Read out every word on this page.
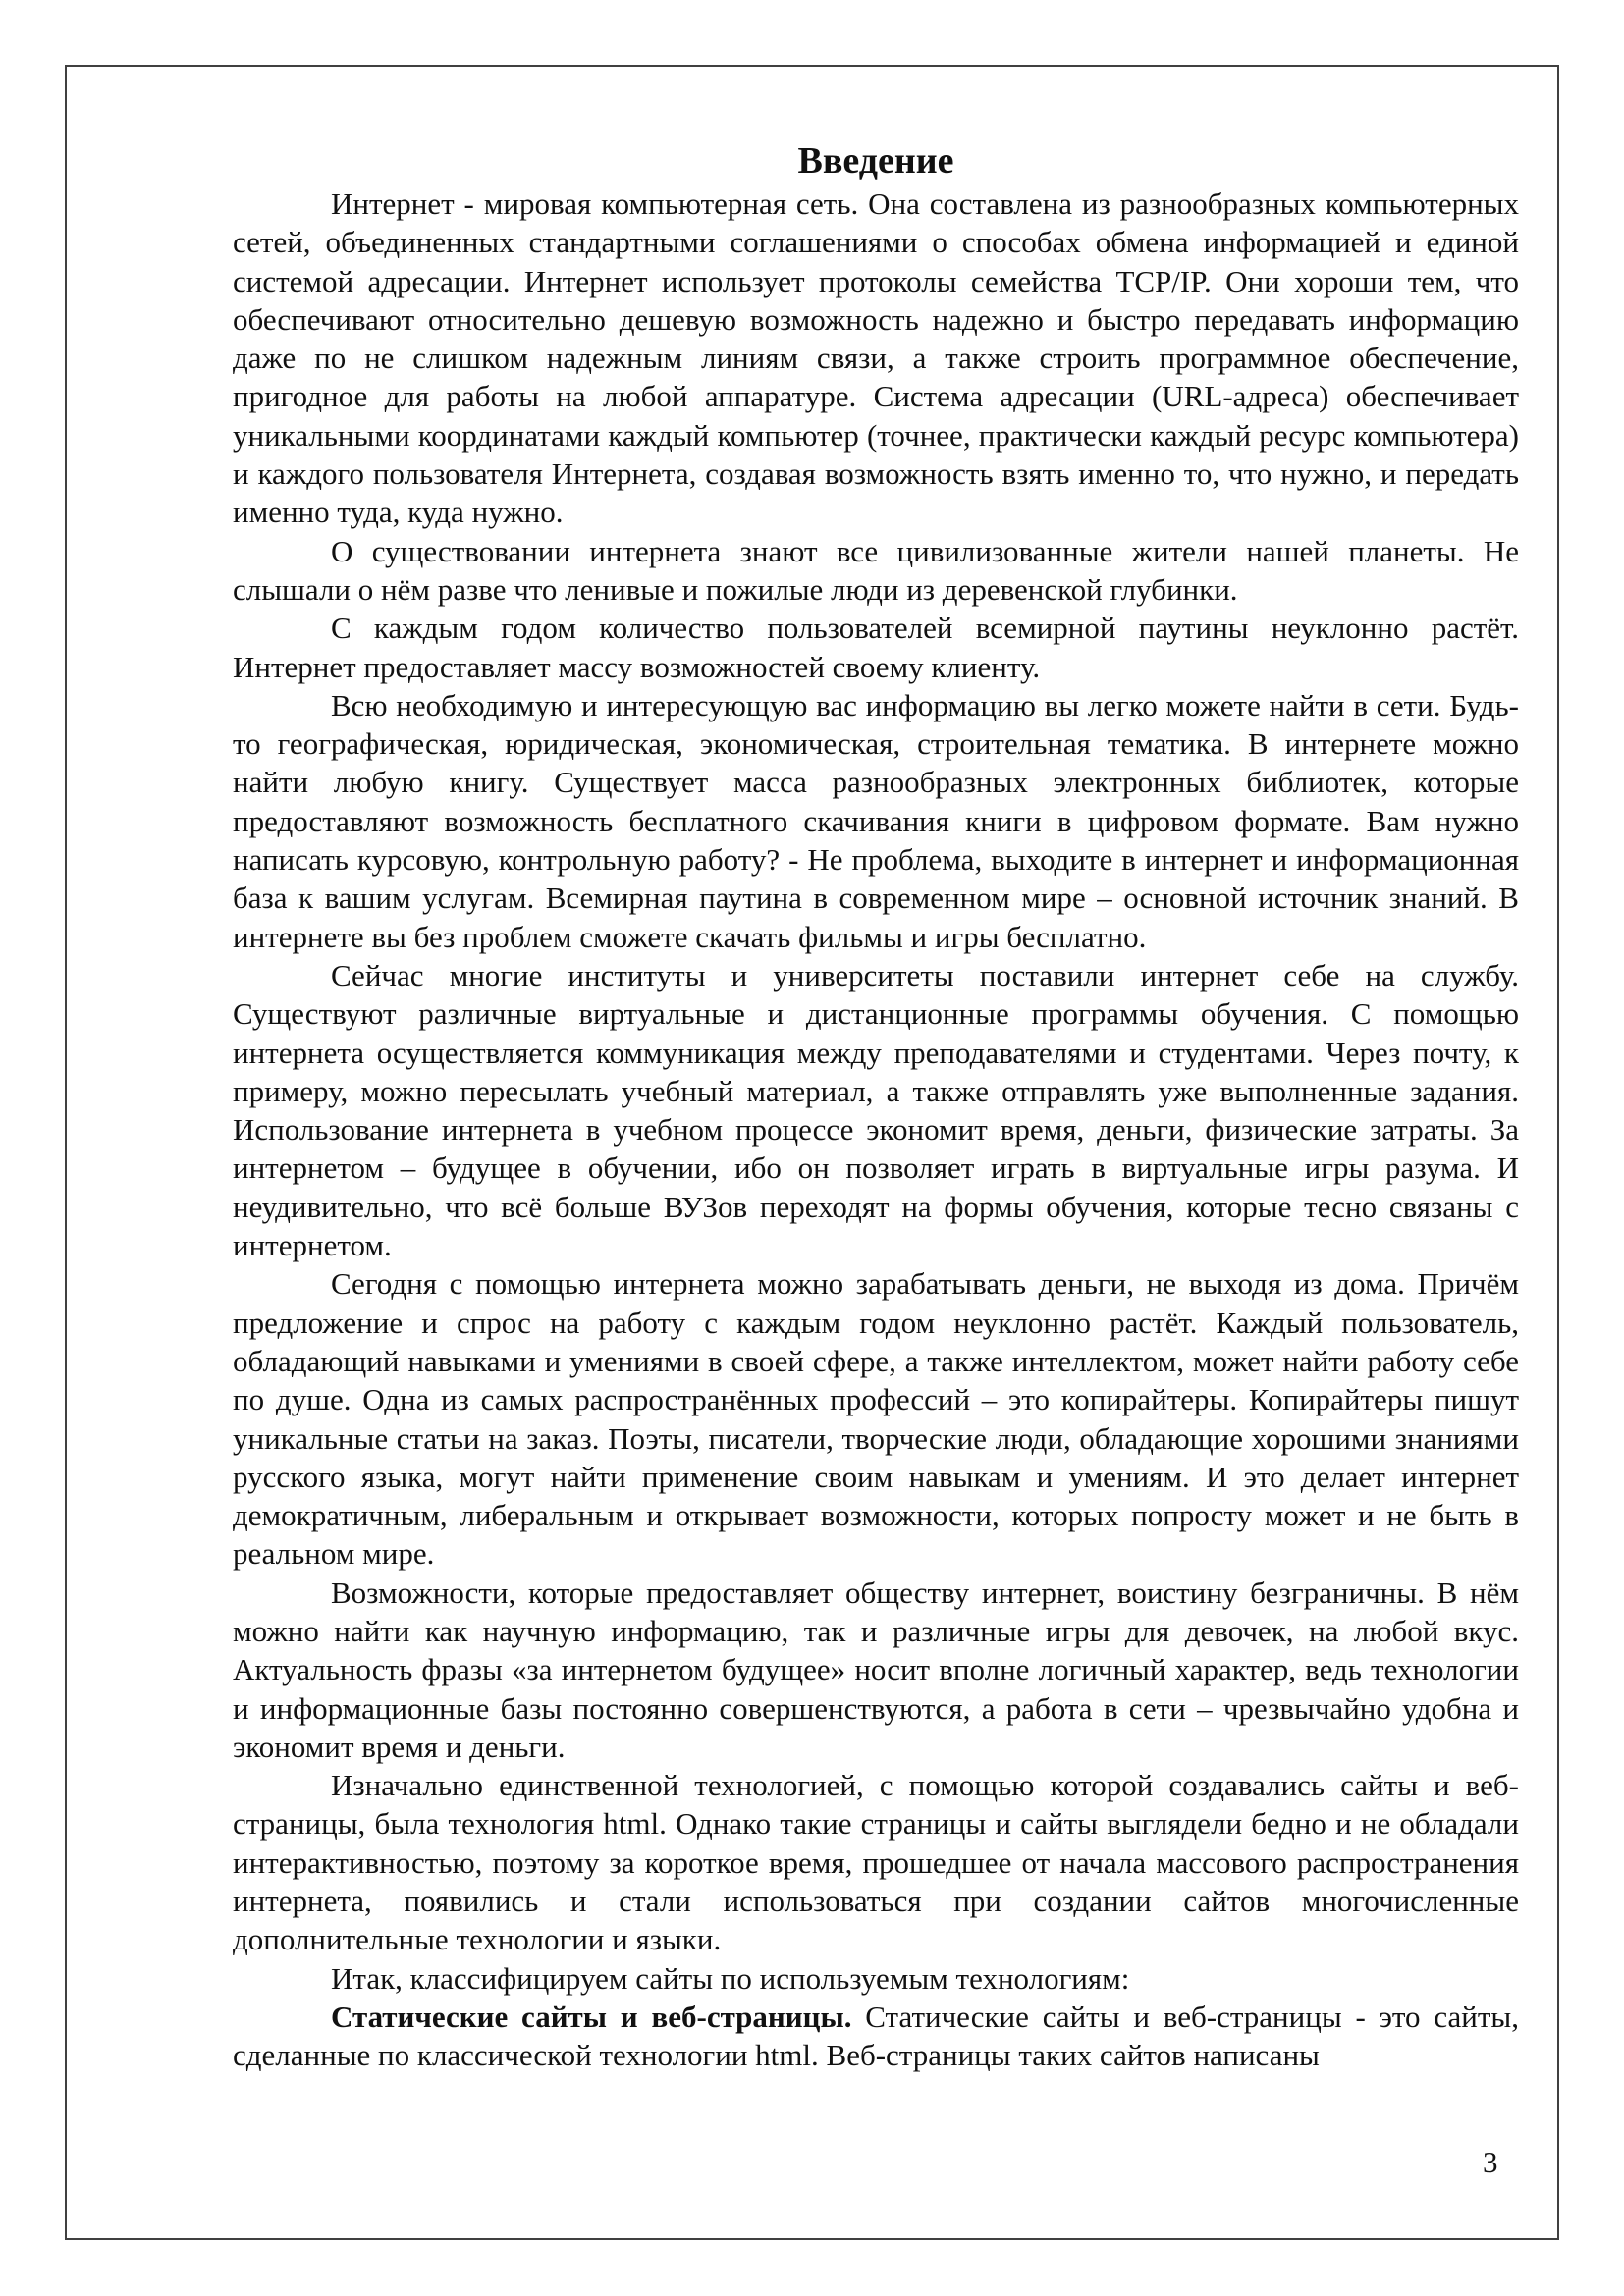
Введение

Интернет - мировая компьютерная сеть. Она составлена из разнообразных компьютерных сетей, объединенных стандартными соглашениями о способах обмена информацией и единой системой адресации. Интернет использует протоколы семейства TCP/IP. Они хороши тем, что обеспечивают относительно дешевую возможность надежно и быстро передавать информацию даже по не слишком надежным линиям связи, а также строить программное обеспечение, пригодное для работы на любой аппаратуре. Система адресации (URL-адреса) обеспечивает уникальными координатами каждый компьютер (точнее, практически каждый ресурс компьютера) и каждого пользователя Интернета, создавая возможность взять именно то, что нужно, и передать именно туда, куда нужно.

О существовании интернета знают все цивилизованные жители нашей планеты. Не слышали о нём разве что ленивые и пожилые люди из деревенской глубинки.

С каждым годом количество пользователей всемирной паутины неуклонно растёт. Интернет предоставляет массу возможностей своему клиенту.

Всю необходимую и интересующую вас информацию вы легко можете найти в сети. Будь-то географическая, юридическая, экономическая, строительная тематика. В интернете можно найти любую книгу. Существует масса разнообразных электронных библиотек, которые предоставляют возможность бесплатного скачивания книги в цифровом формате. Вам нужно написать курсовую, контрольную работу? - Не проблема, выходите в интернет и информационная база к вашим услугам. Всемирная паутина в современном мире – основной источник знаний. В интернете вы без проблем сможете скачать фильмы и игры бесплатно.

Сейчас многие институты и университеты поставили интернет себе на службу. Существуют различные виртуальные и дистанционные программы обучения. С помощью интернета осуществляется коммуникация между преподавателями и студентами. Через почту, к примеру, можно пересылать учебный материал, а также отправлять уже выполненные задания. Использование интернета в учебном процессе экономит время, деньги, физические затраты. За интернетом – будущее в обучении, ибо он позволяет играть в виртуальные игры разума. И неудивительно, что всё больше ВУЗов переходят на формы обучения, которые тесно связаны с интернетом.

Сегодня с помощью интернета можно зарабатывать деньги, не выходя из дома. Причём предложение и спрос на работу с каждым годом неуклонно растёт. Каждый пользователь, обладающий навыками и умениями в своей сфере, а также интеллектом, может найти работу себе по душе. Одна из самых распространённых профессий – это копирайтеры. Копирайтеры пишут уникальные статьи на заказ. Поэты, писатели, творческие люди, обладающие хорошими знаниями русского языка, могут найти применение своим навыкам и умениям. И это делает интернет демократичным, либеральным и открывает возможности, которых попросту может и не быть в реальном мире.

Возможности, которые предоставляет обществу интернет, воистину безграничны. В нём можно найти как научную информацию, так и различные игры для девочек, на любой вкус. Актуальность фразы «за интернетом будущее» носит вполне логичный характер, ведь технологии и информационные базы постоянно совершенствуются, а работа в сети – чрезвычайно удобна и экономит время и деньги.

Изначально единственной технологией, с помощью которой создавались сайты и веб-страницы, была технология html. Однако такие страницы и сайты выглядели бедно и не обладали интерактивностью, поэтому за короткое время, прошедшее от начала массового распространения интернета, появились и стали использоваться при создании сайтов многочисленные дополнительные технологии и языки.

Итак, классифицируем сайты по используемым технологиям:

Статические сайты и веб-страницы. Статические сайты и веб-страницы - это сайты, сделанные по классической технологии html. Веб-страницы таких сайтов написаны

3
